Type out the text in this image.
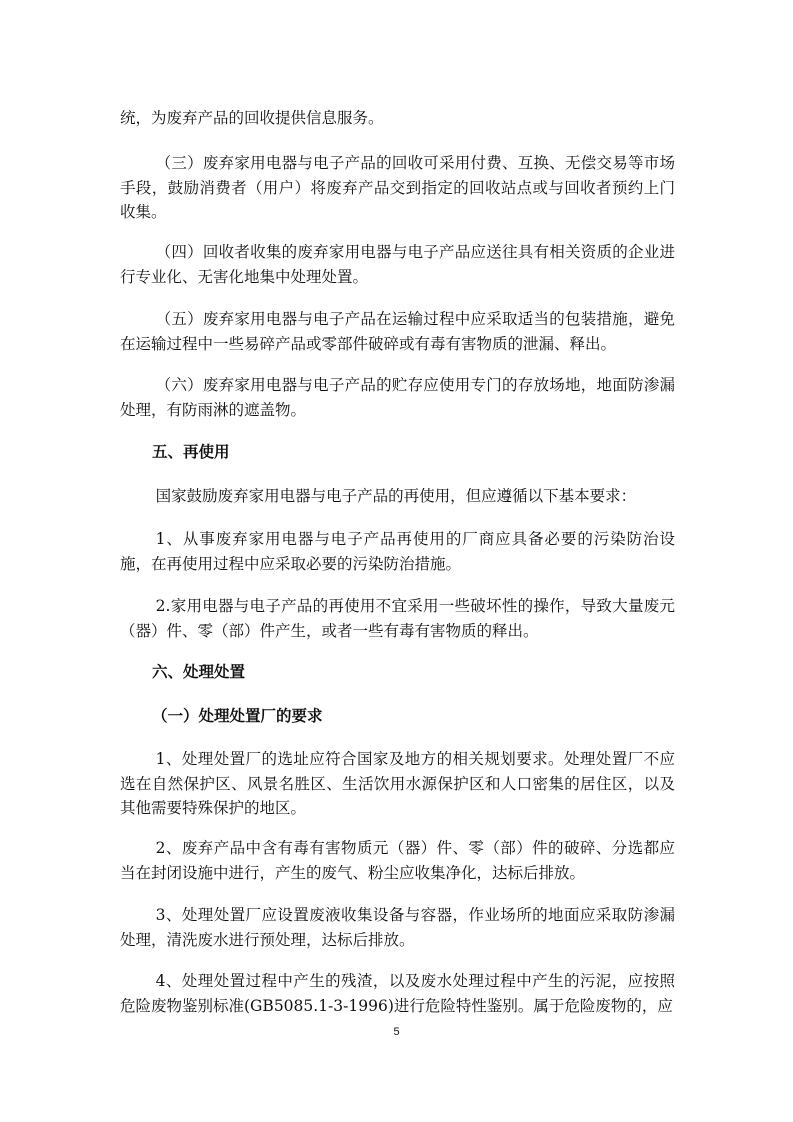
统，为废弃产品的回收提供信息服务。

（三）废弃家用电器与电子产品的回收可采用付费、互换、无偿交易等市场手段，鼓励消费者（用户）将废弃产品交到指定的回收站点或与回收者预约上门收集。

（四）回收者收集的废弃家用电器与电子产品应送往具有相关资质的企业进行专业化、无害化地集中处理处置。

（五）废弃家用电器与电子产品在运输过程中应采取适当的包装措施，避免在运输过程中一些易碎产品或零部件破碎或有毒有害物质的泄漏、释出。

（六）废弃家用电器与电子产品的贮存应使用专门的存放场地，地面防渗漏处理，有防雨淋的遮盖物。

五、再使用

国家鼓励废弃家用电器与电子产品的再使用，但应遵循以下基本要求：

1、从事废弃家用电器与电子产品再使用的厂商应具备必要的污染防治设施，在再使用过程中应采取必要的污染防治措施。

2.家用电器与电子产品的再使用不宜采用一些破坏性的操作，导致大量废元（器）件、零（部）件产生，或者一些有毒有害物质的释出。

六、处理处置
（一）处理处置厂的要求

1、处理处置厂的选址应符合国家及地方的相关规划要求。处理处置厂不应选在自然保护区、风景名胜区、生活饮用水源保护区和人口密集的居住区，以及其他需要特殊保护的地区。

2、废弃产品中含有毒有害物质元（器）件、零（部）件的破碎、分选都应当在封闭设施中进行，产生的废气、粉尘应收集净化，达标后排放。

3、处理处置厂应设置废液收集设备与容器，作业场所的地面应采取防渗漏处理，清洗废水进行预处理，达标后排放。

4、处理处置过程中产生的残渣，以及废水处理过程中产生的污泥，应按照危险废物鉴别标准(GB5085.1-3-1996)进行危险特性鉴别。属于危险废物的，应

5
